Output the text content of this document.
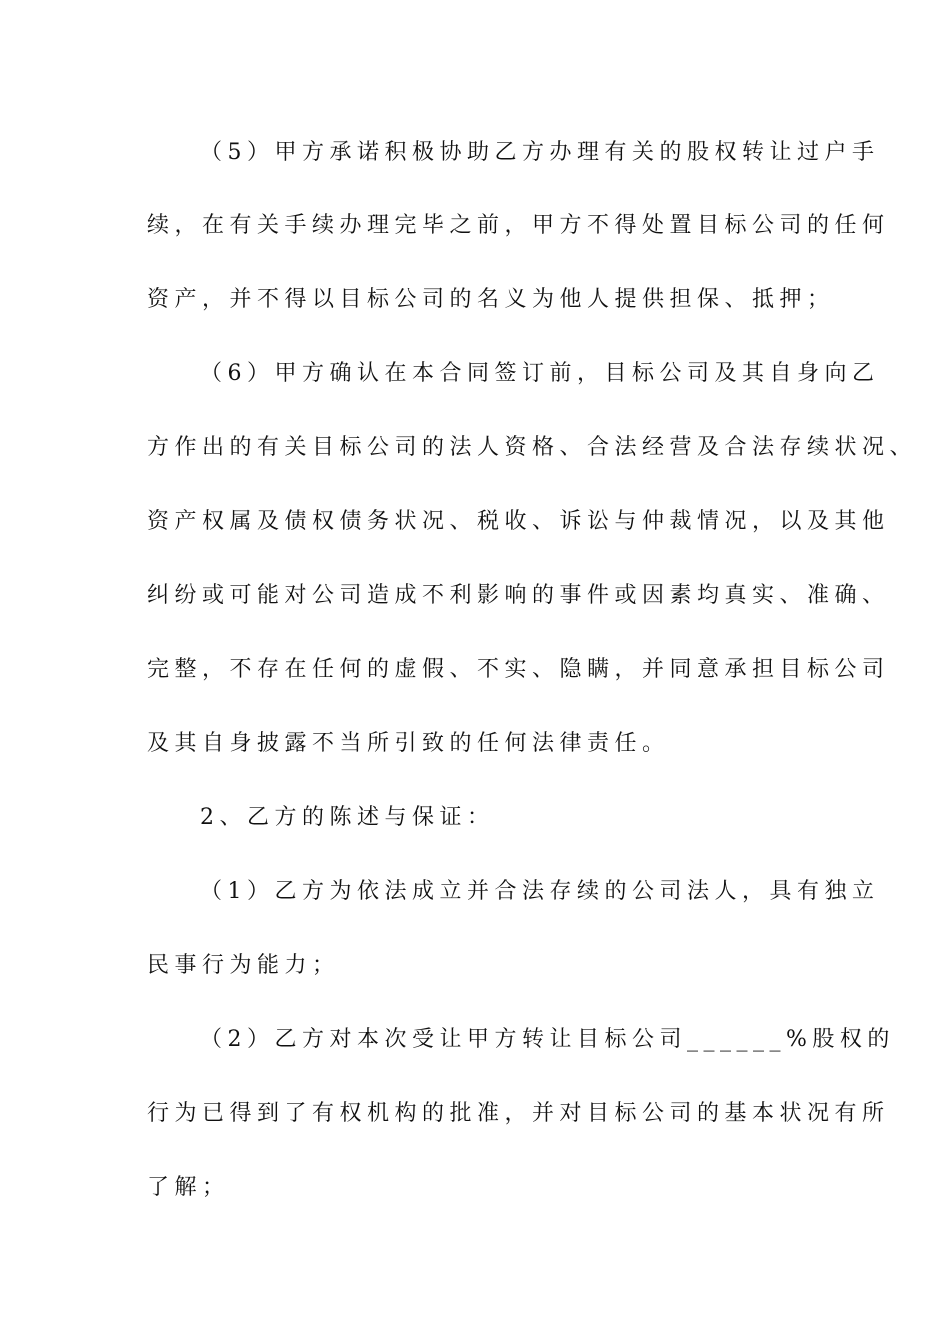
（5）甲方承诺积极协助乙方办理有关的股权转让过户手
续，在有关手续办理完毕之前，甲方不得处置目标公司的任何
资产，并不得以目标公司的名义为他人提供担保、抵押；
（6）甲方确认在本合同签订前，目标公司及其自身向乙
方作出的有关目标公司的法人资格、合法经营及合法存续状况、
资产权属及债权债务状况、税收、诉讼与仲裁情况，以及其他
纠纷或可能对公司造成不利影响的事件或因素均真实、准确、
完整，不存在任何的虚假、不实、隐瞒，并同意承担目标公司
及其自身披露不当所引致的任何法律责任。
2、乙方的陈述与保证：
（1）乙方为依法成立并合法存续的公司法人，具有独立
民事行为能力；
（2）乙方对本次受让甲方转让目标公司______%股权的
行为已得到了有权机构的批准，并对目标公司的基本状况有所
了解；
